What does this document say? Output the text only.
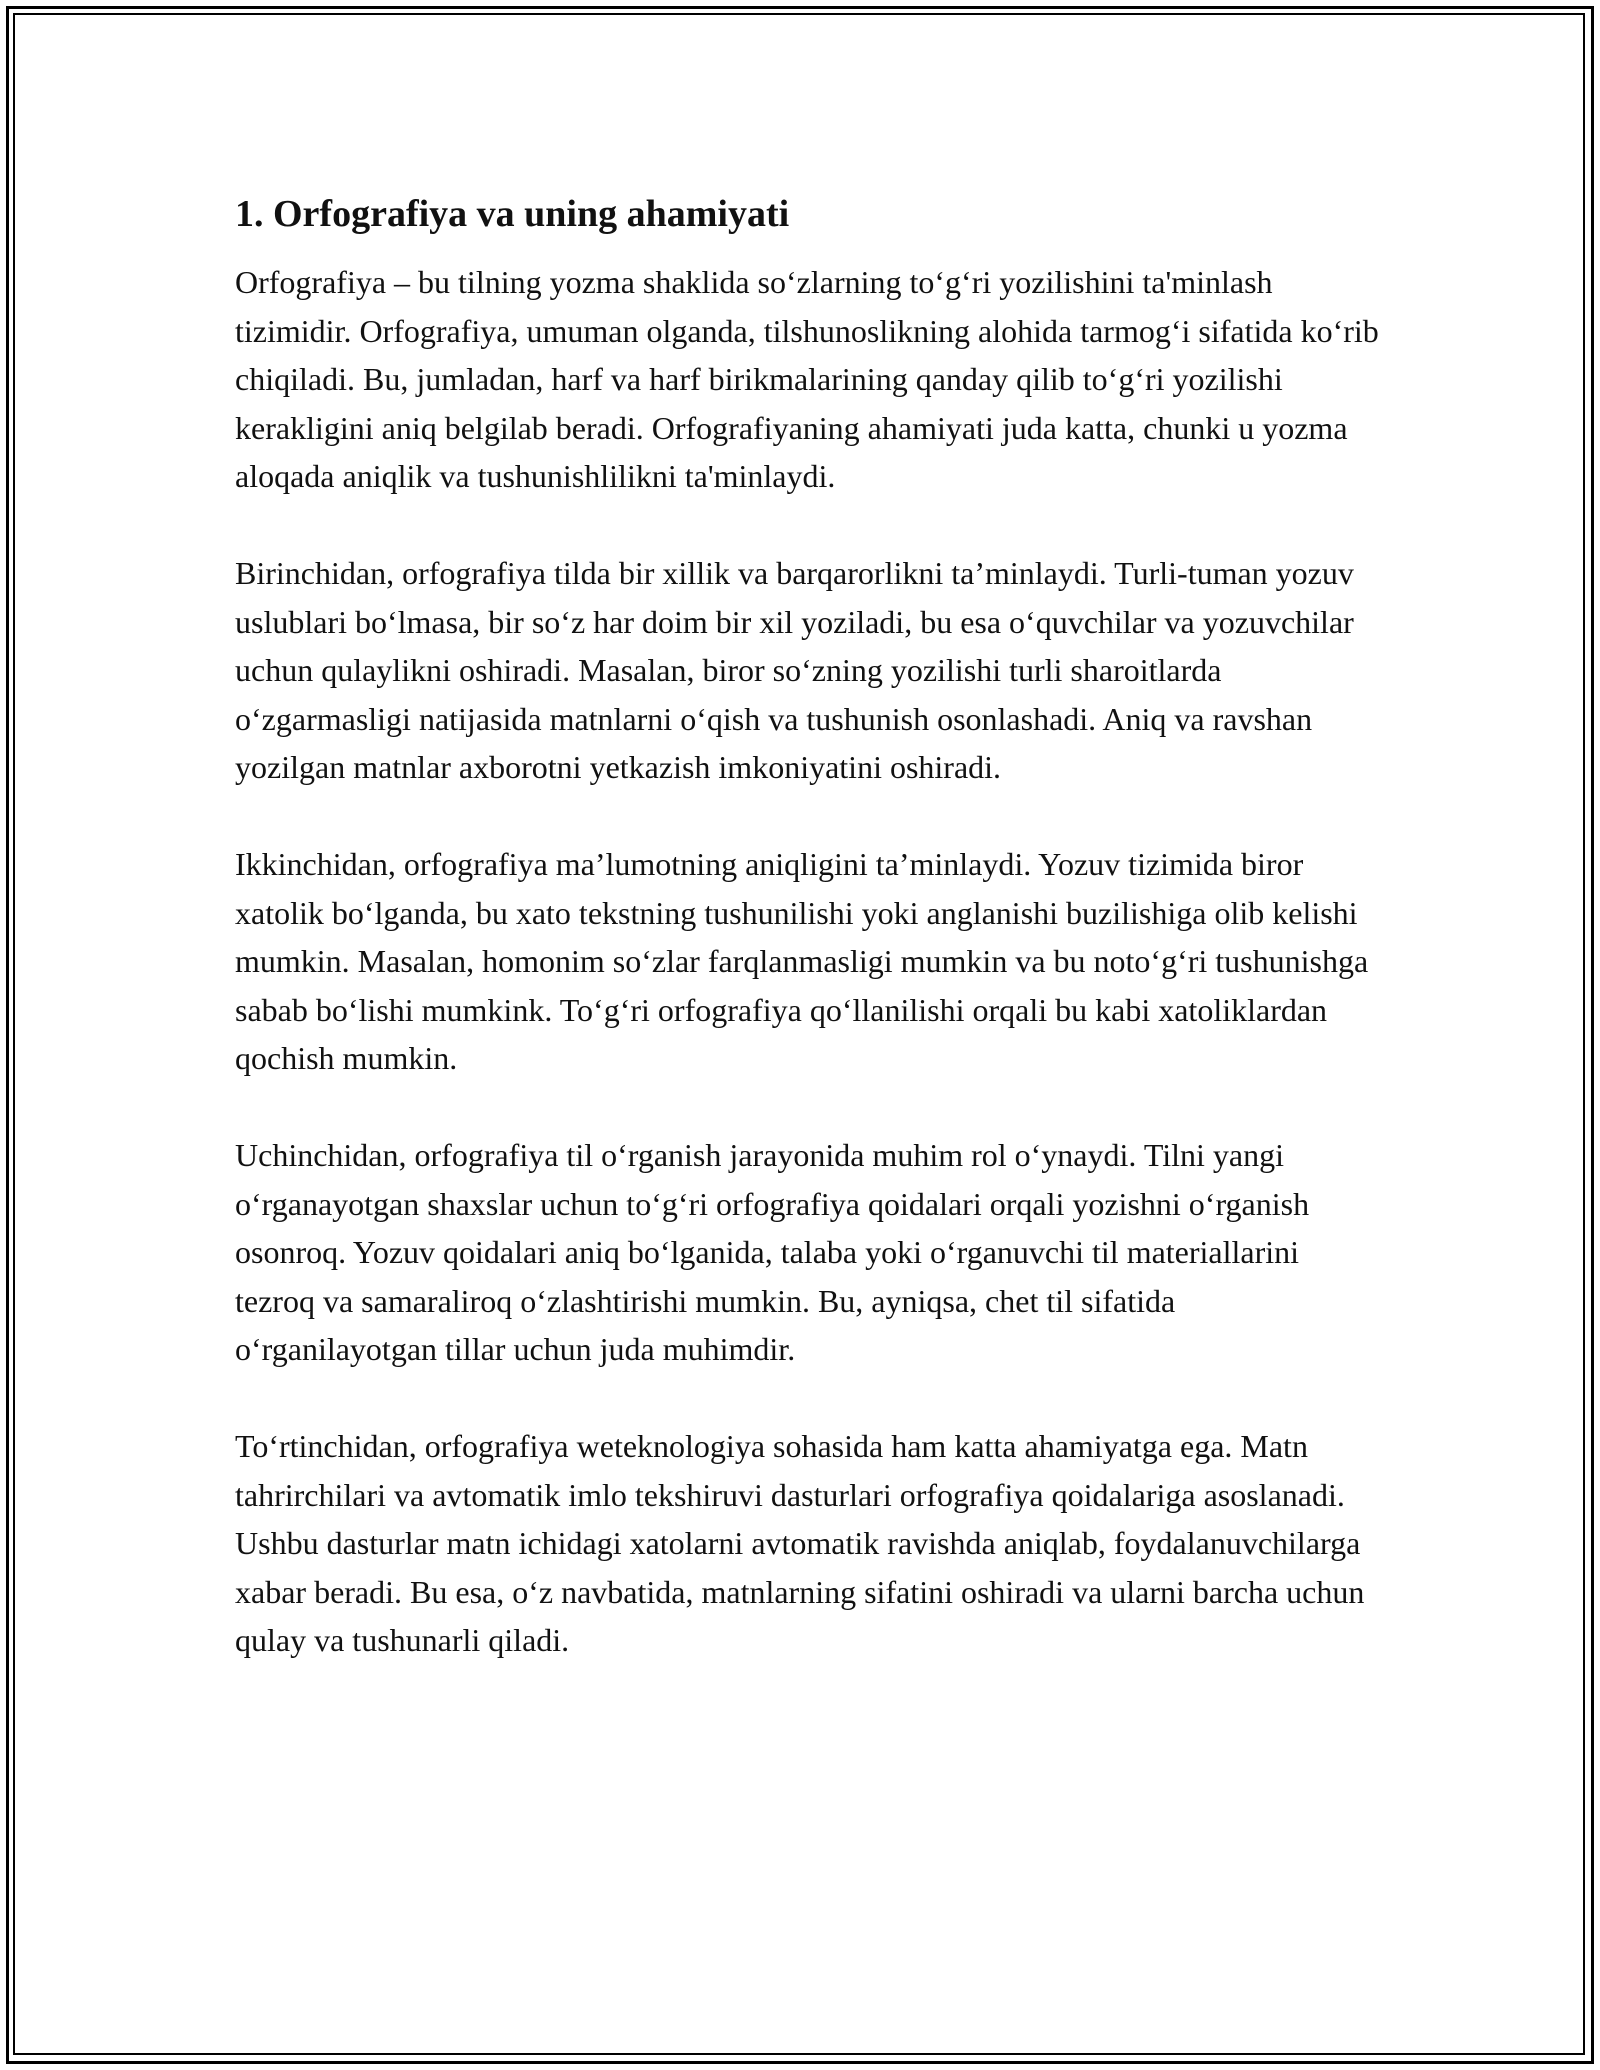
1. Orfografiya va uning ahamiyati

Orfografiya – bu tilning yozma shaklida so‘zlarning to‘g‘ri yozilishini ta'minlash tizimidir. Orfografiya, umuman olganda, tilshunoslikning alohida tarmog‘i sifatida ko‘rib chiqiladi. Bu, jumladan, harf va harf birikmalarining qanday qilib to‘g‘ri yozilishi kerakligini aniq belgilab beradi. Orfografiyaning ahamiyati juda katta, chunki u yozma aloqada aniqlik va tushunishlilikni ta'minlaydi.

Birinchidan, orfografiya tilda bir xillik va barqarorlikni ta’minlaydi. Turli-tuman yozuv uslublari bo‘lmasa, bir so‘z har doim bir xil yoziladi, bu esa o‘quvchilar va yozuvchilar uchun qulaylikni oshiradi. Masalan, biror so‘zning yozilishi turli sharoitlarda o‘zgarmasligi natijasida matnlarni o‘qish va tushunish osonlashadi. Aniq va ravshan yozilgan matnlar axborotni yetkazish imkoniyatini oshiradi.

Ikkinchidan, orfografiya ma’lumotning aniqligini ta’minlaydi. Yozuv tizimida biror xatolik bo‘lganda, bu xato tekstning tushunilishi yoki anglanishi buzilishiga olib kelishi mumkin. Masalan, homonim so‘zlar farqlanmasligi mumkin va bu noto‘g‘ri tushunishga sabab bo‘lishi mumkink. To‘g‘ri orfografiya qo‘llanilishi orqali bu kabi xatoliklardan qochish mumkin.

Uchinchidan, orfografiya til o‘rganish jarayonida muhim rol o‘ynaydi. Tilni yangi o‘rganayotgan shaxslar uchun to‘g‘ri orfografiya qoidalari orqali yozishni o‘rganish osonroq. Yozuv qoidalari aniq bo‘lganida, talaba yoki o‘rganuvchi til materiallarini tezroq va samaraliroq o‘zlashtirishi mumkin. Bu, ayniqsa, chet til sifatida o‘rganilayotgan tillar uchun juda muhimdir.

To‘rtinchidan, orfografiya weteknologiya sohasida ham katta ahamiyatga ega. Matn tahrirchilari va avtomatik imlo tekshiruvi dasturlari orfografiya qoidalariga asoslanadi. Ushbu dasturlar matn ichidagi xatolarni avtomatik ravishda aniqlab, foydalanuvchilarga xabar beradi. Bu esa, o‘z navbatida, matnlarning sifatini oshiradi va ularni barcha uchun qulay va tushunarli qiladi.
